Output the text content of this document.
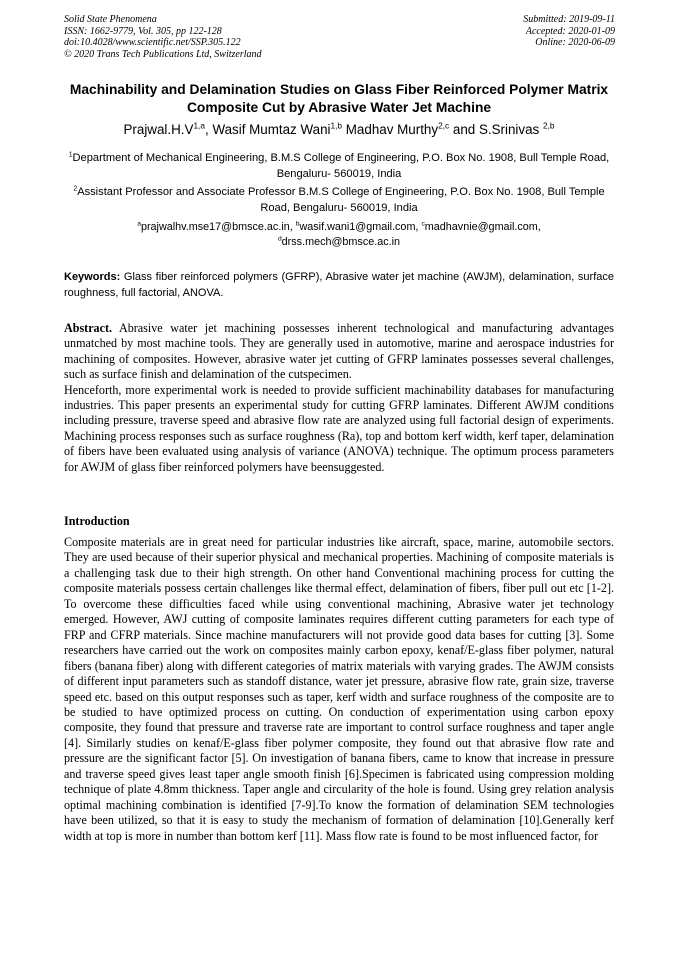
Solid State Phenomena
ISSN: 1662-9779, Vol. 305, pp 122-128
doi:10.4028/www.scientific.net/SSP.305.122
© 2020 Trans Tech Publications Ltd, Switzerland
Submitted: 2019-09-11
Accepted: 2020-01-09
Online: 2020-06-09
Machinability and Delamination Studies on Glass Fiber Reinforced Polymer Matrix Composite Cut by Abrasive Water Jet Machine
$Prajwal.H.V^{1,a}$, Wasif Mumtaz Wani$^{1,b}$ Madhav Murthy$^{2,c}$ and S.Srinivas $^{2,b}$
$^1$Department of Mechanical Engineering, B.M.S College of Engineering, P.O. Box No. 1908, Bull Temple Road, Bengaluru- 560019, India
$^2$Assistant Professor and Associate Professor B.M.S College of Engineering, P.O. Box No. 1908, Bull Temple Road, Bengaluru- 560019, India
$^a$prajwalhv.mse17@bmsce.ac.in, $^b$wasif.wani1@gmail.com, $^c$madhavnie@gmail.com,
$^d$drss.mech@bmsce.ac.in
Keywords: Glass fiber reinforced polymers (GFRP), Abrasive water jet machine (AWJM), delamination, surface roughness, full factorial, ANOVA.

Abstract. Abrasive water jet machining possesses inherent technological and manufacturing advantages unmatched by most machine tools. They are generally used in automotive, marine and aerospace industries for machining of composites. However, abrasive water jet cutting of GFRP laminates possesses several challenges, such as surface finish and delamination of the cutspecimen.

Henceforth, more experimental work is needed to provide sufficient machinability databases for manufacturing industries. This paper presents an experimental study for cutting GFRP laminates. Different AWJM conditions including pressure, traverse speed and abrasive flow rate are analyzed using full factorial design of experiments. Machining process responses such as surface roughness (Ra), top and bottom kerf width, kerf taper, delamination of fibers have been evaluated using analysis of variance (ANOVA) technique. The optimum process parameters for AWJM of glass fiber reinforced polymers have beensuggested.

Introduction
Composite materials are in great need for particular industries like aircraft, space, marine, automobile sectors. They are used because of their superior physical and mechanical properties. Machining of composite materials is a challenging task due to their high strength. On other hand Conventional machining process for cutting the composite materials possess certain challenges like thermal effect, delamination of fibers, fiber pull out etc [1-2]. To overcome these difficulties faced while using conventional machining, Abrasive water jet technology emerged. However, AWJ cutting of composite laminates requires different cutting parameters for each type of FRP and CFRP materials. Since machine manufacturers will not provide good data bases for cutting [3]. Some researchers have carried out the work on composites mainly carbon epoxy, kenaf/E-glass fiber polymer, natural fibers (banana fiber) along with different categories of matrix materials with varying grades. The AWJM consists of different input parameters such as standoff distance, water jet pressure, abrasive flow rate, grain size, traverse speed etc. based on this output responses such as taper, kerf width and surface roughness of the composite are to be studied to have optimized process on cutting. On conduction of experimentation using carbon epoxy composite, they found that pressure and traverse rate are important to control surface roughness and taper angle [4]. Similarly studies on kenaf/E-glass fiber polymer composite, they found out that abrasive flow rate and pressure are the significant factor [5]. On investigation of banana fibers, came to know that increase in pressure and traverse speed gives least taper angle smooth finish [6].Specimen is fabricated using compression molding technique of plate 4.8mm thickness. Taper angle and circularity of the hole is found. Using grey relation analysis optimal machining combination is identified [7-9].To know the formation of delamination SEM technologies have been utilized, so that it is easy to study the mechanism of formation of delamination [10].Generally kerf width at top is more in number than bottom kerf [11]. Mass flow rate is found to be most influenced factor, for
